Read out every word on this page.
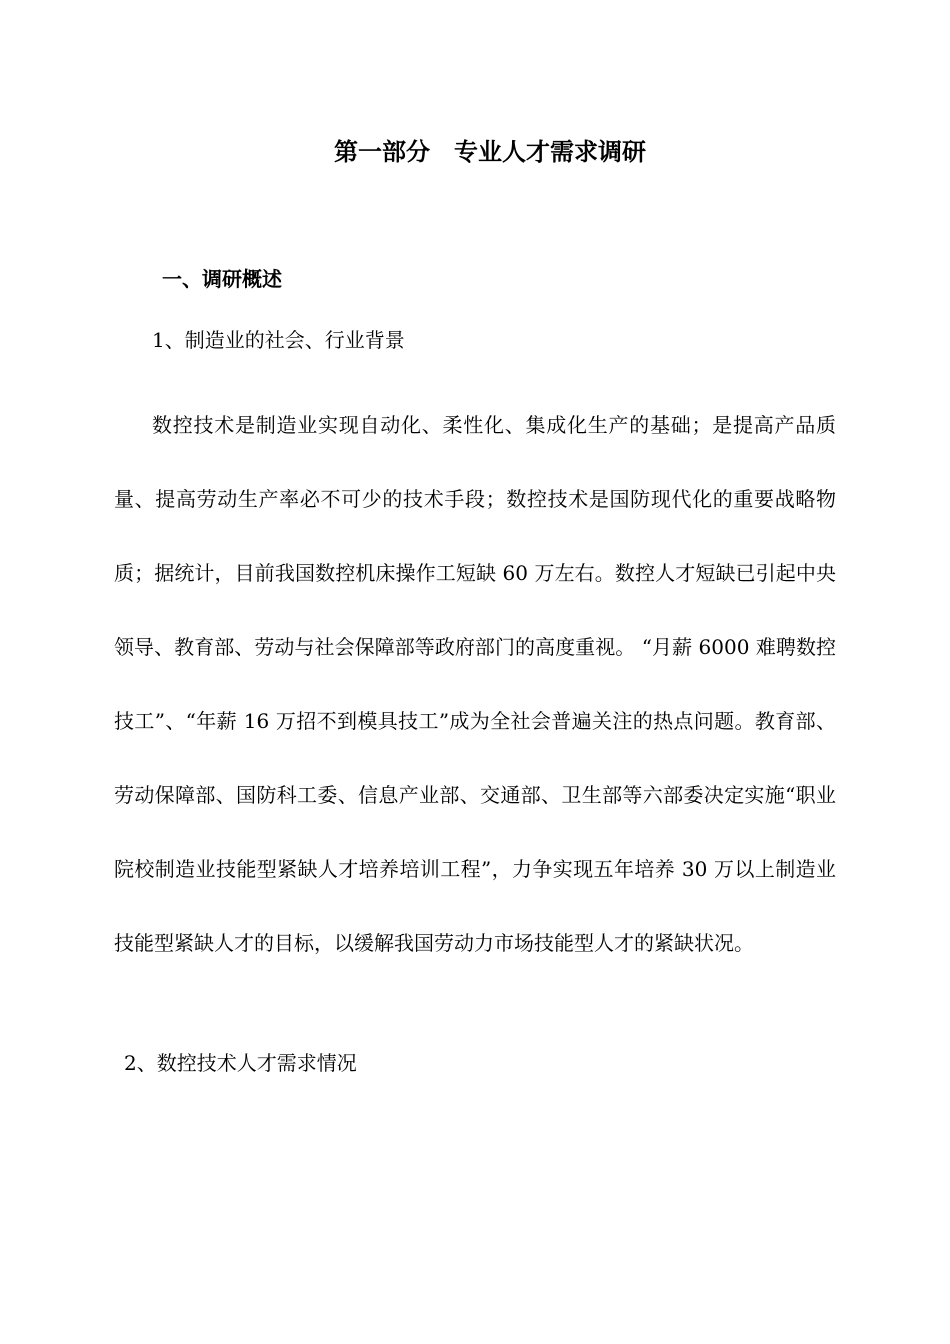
第一部分　专业人才需求调研
一、调研概述
1、制造业的社会、行业背景

数控技术是制造业实现自动化、柔性化、集成化生产的基础；是提高产品质量、提高劳动生产率必不可少的技术手段；数控技术是国防现代化的重要战略物质；据统计，目前我国数控机床操作工短缺 60 万左右。数控人才短缺已引起中央领导、教育部、劳动与社会保障部等政府部门的高度重视。 “月薪 6000 难聘数控技工”、“年薪 16 万招不到模具技工”成为全社会普遍关注的热点问题。教育部、劳动保障部、国防科工委、信息产业部、交通部、卫生部等六部委决定实施“职业院校制造业技能型紧缺人才培养培训工程”，力争实现五年培养 30 万以上制造业技能型紧缺人才的目标，以缓解我国劳动力市场技能型人才的紧缺状况。

2、数控技术人才需求情况
